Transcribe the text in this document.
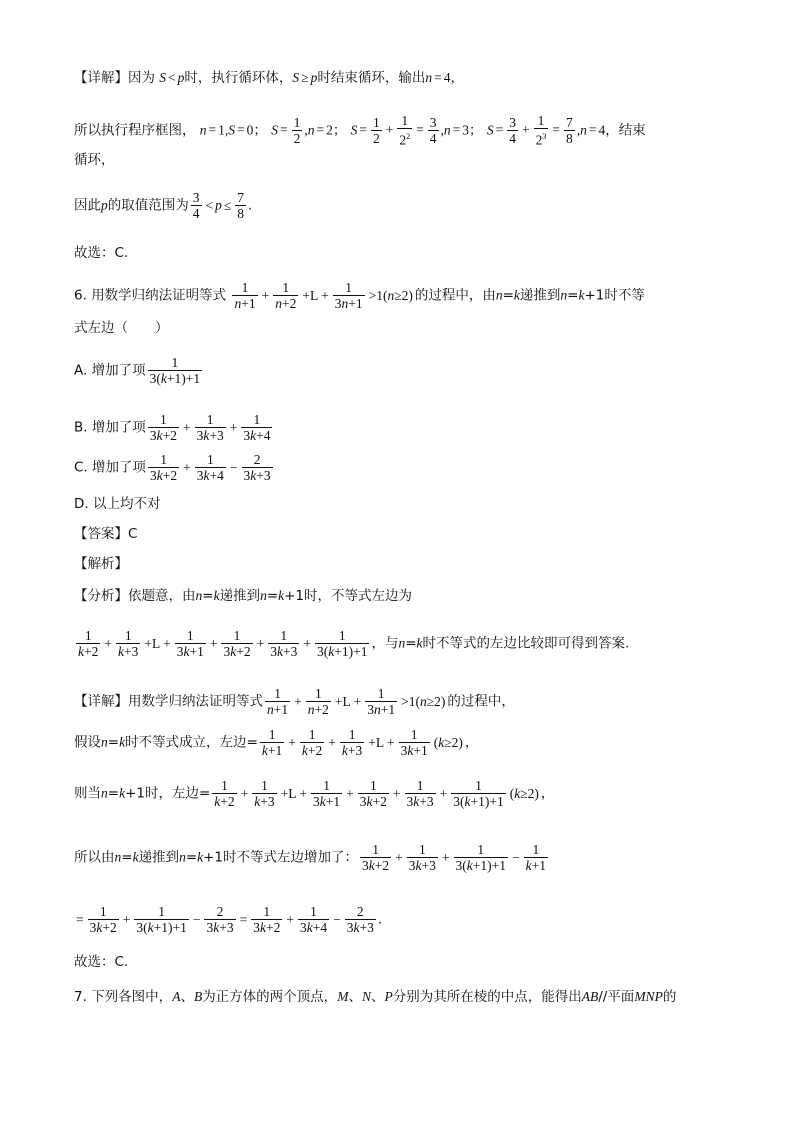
【详解】因为 S < p时，执行循环体，S ≥ p时结束循环，输出n = 4，
所以执行程序框图， n = 1,S = 0； $S = \frac{1}{2} ,n = 2$； $S = \frac{1}{2} + \frac{1}{2^2} = \frac{3}{4} ,n = 3$； $S = \frac{3}{4} + \frac{1}{2^3} = \frac{7}{8} ,n = 4$，结束
循环，
因此p的取值范围为 $\frac{3}{4} < p \le \frac{7}{8}$ .
故选：C.
6. 用数学归纳法证明等式 $\frac{1}{n+1} + \frac{1}{n+2} +L + \frac{1}{3n+1} >1(n\ge 2)$ 的过程中，由n=k递推到n=k+1时不等
式左边（　　）
A. 增加了项 $\frac{1}{3(k+1)+1}$
B. 增加了项 $\frac{1}{3k+2} + \frac{1}{3k+3} + \frac{1}{3k+4}$
C. 增加了项 $\frac{1}{3k+2} + \frac{1}{3k+4} - \frac{2}{3k+3}$
D. 以上均不对
【答案】C
【解析】
【分析】依题意，由n=k递推到n=k+1时，不等式左边为
$\frac{1}{k+2} + \frac{1}{k+3} +L + \frac{1}{3k+1} + \frac{1}{3k+2} + \frac{1}{3k+3} + \frac{1}{3(k+1)+1}$ ，与n=k时不等式的左边比较即可得到答案.
【详解】用数学归纳法证明等式 $\frac{1}{n+1} + \frac{1}{n+2} +L + \frac{1}{3n+1} >1(n\ge 2)$ 的过程中，
假设n=k时不等式成立，左边= $\frac{1}{k+1} + \frac{1}{k+2} + \frac{1}{k+3} +L + \frac{1}{3k+1} (k\ge 2)$ ，
则当n=k+1时，左边= $\frac{1}{k+2} + \frac{1}{k+3} +L + \frac{1}{3k+1} + \frac{1}{3k+2} + \frac{1}{3k+3} + \frac{1}{3(k+1)+1} (k\ge 2)$ ，
所以由n=k递推到n=k+1时不等式左边增加了： $\frac{1}{3k+2} + \frac{1}{3k+3} + \frac{1}{3(k+1)+1} - \frac{1}{k+1}$
= $\frac{1}{3k+2} + \frac{1}{3(k+1)+1} - \frac{2}{3k+3} = \frac{1}{3k+2} + \frac{1}{3k+4} - \frac{2}{3k+3}$ .
故选：C.
7. 下列各图中，A、B为正方体的两个顶点，M、N、P分别为其所在棱的中点，能得出AB//平面MNP的
